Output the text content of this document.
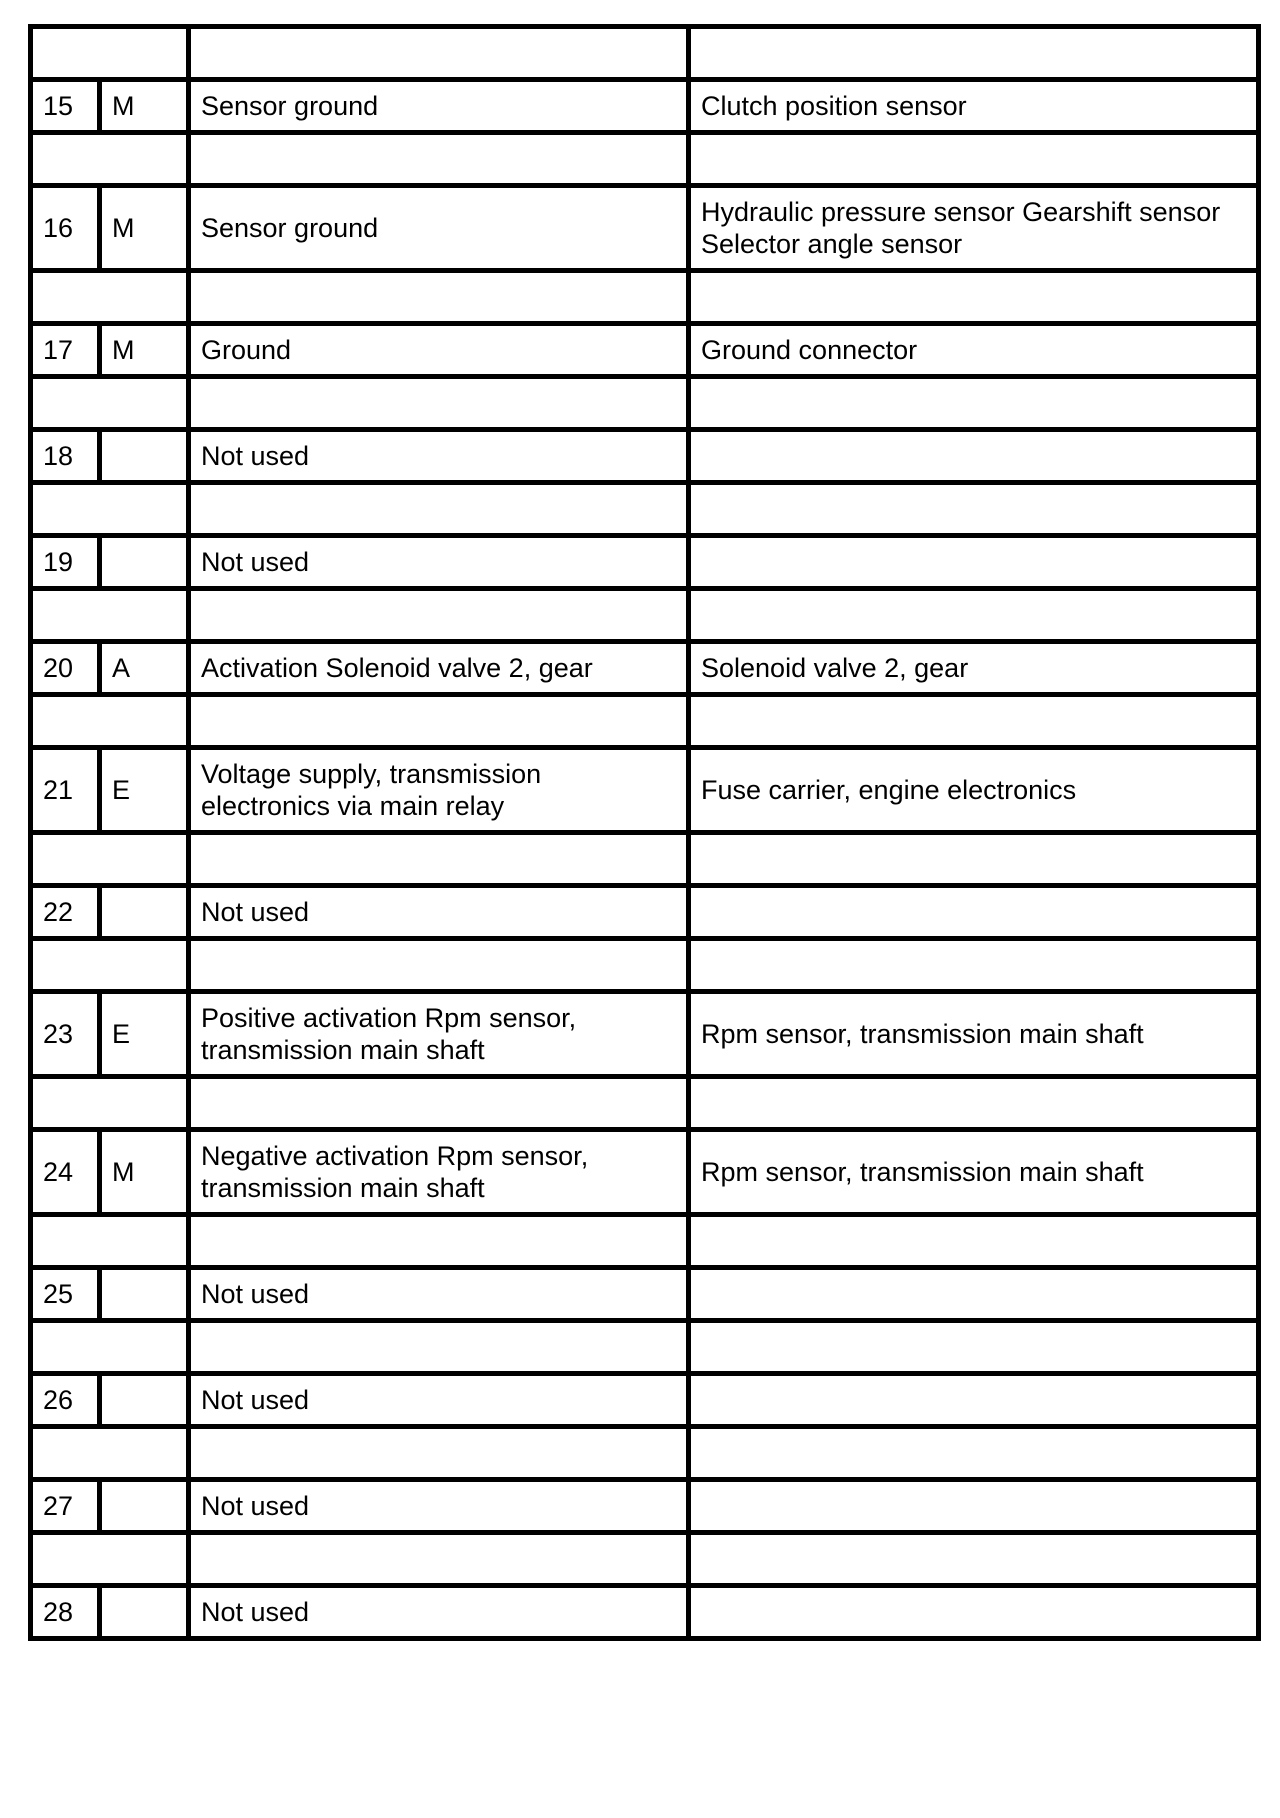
15	M	Sensor ground	Clutch position sensor

16	M	Sensor ground	Hydraulic pressure sensor Gearshift sensor Selector angle sensor

17	M	Ground	Ground connector

18		Not used	

19		Not used	

20	A	Activation Solenoid valve 2, gear	Solenoid valve 2, gear

21	E	Voltage supply, transmission electronics via main relay	Fuse carrier, engine electronics

22		Not used	

23	E	Positive activation Rpm sensor, transmission main shaft	Rpm sensor, transmission main shaft

24	M	Negative activation Rpm sensor, transmission main shaft	Rpm sensor, transmission main shaft

25		Not used	

26		Not used	

27		Not used	

28		Not used	
